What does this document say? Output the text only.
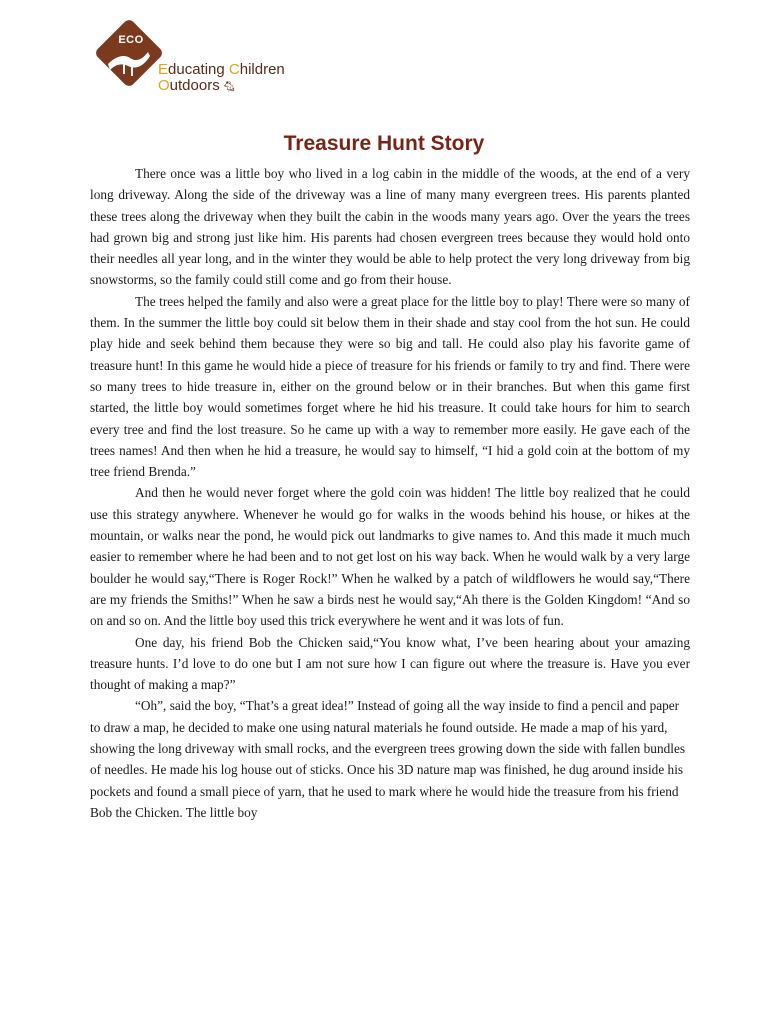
ECO
Educating Children
Outdoors 🐁︎
Treasure Hunt Story

There once was a little boy who lived in a log cabin in the middle of the woods, at the end of a very long driveway. Along the side of the driveway was a line of many many evergreen trees. His parents planted these trees along the driveway when they built the cabin in the woods many years ago. Over the years the trees had grown big and strong just like him. His parents had chosen evergreen trees because they would hold onto their needles all year long, and in the winter they would be able to help protect the very long driveway from big snowstorms, so the family could still come and go from their house.

The trees helped the family and also were a great place for the little boy to play! There were so many of them. In the summer the little boy could sit below them in their shade and stay cool from the hot sun. He could play hide and seek behind them because they were so big and tall. He could also play his favorite game of treasure hunt! In this game he would hide a piece of treasure for his friends or family to try and find. There were so many trees to hide treasure in, either on the ground below or in their branches. But when this game first started, the little boy would sometimes forget where he hid his treasure. It could take hours for him to search every tree and find the lost treasure. So he came up with a way to remember more easily. He gave each of the trees names! And then when he hid a treasure, he would say to himself, “I hid a gold coin at the bottom of my tree friend Brenda.”

And then he would never forget where the gold coin was hidden! The little boy realized that he could use this strategy anywhere. Whenever he would go for walks in the woods behind his house, or hikes at the mountain, or walks near the pond, he would pick out landmarks to give names to. And this made it much much easier to remember where he had been and to not get lost on his way back. When he would walk by a very large boulder he would say,“There is Roger Rock!” When he walked by a patch of wildflowers he would say,“There are my friends the Smiths!” When he saw a birds nest he would say,“Ah there is the Golden Kingdom! “And so on and so on. And the little boy used this trick everywhere he went and it was lots of fun.

One day, his friend Bob the Chicken said,“You know what, I’ve been hearing about your amazing treasure hunts. I’d love to do one but I am not sure how I can figure out where the treasure is. Have you ever thought of making a map?”

“Oh”, said the boy, “That’s a great idea!” Instead of going all the way inside to find a pencil and paper to draw a map, he decided to make one using natural materials he found outside. He made a map of his yard, showing the long driveway with small rocks, and the evergreen trees growing down the side with fallen bundles of needles. He made his log house out of sticks. Once his 3D nature map was finished, he dug around inside his pockets and found a small piece of yarn, that he used to mark where he would hide the treasure from his friend Bob the Chicken. The little boy
